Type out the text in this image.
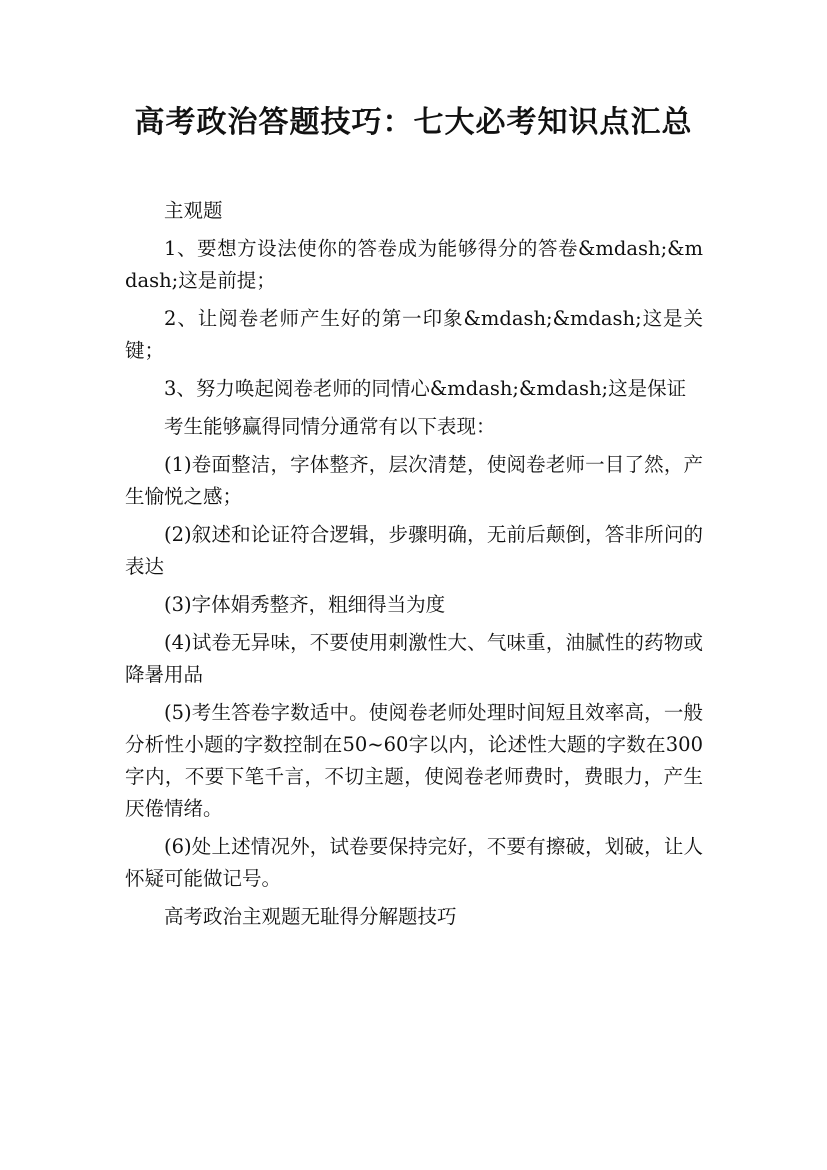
高考政治答题技巧：七大必考知识点汇总

主观题

1、要想方设法使你的答卷成为能够得分的答卷&mdash;&mdash;这是前提；

2、让阅卷老师产生好的第一印象&mdash;&mdash;这是关键；

3、努力唤起阅卷老师的同情心&mdash;&mdash;这是保证

考生能够赢得同情分通常有以下表现：

(1)卷面整洁，字体整齐，层次清楚，使阅卷老师一目了然，产生愉悦之感；

(2)叙述和论证符合逻辑，步骤明确，无前后颠倒，答非所问的表达

(3)字体娟秀整齐，粗细得当为度

(4)试卷无异味，不要使用刺激性大、气味重，油腻性的药物或降暑用品

(5)考生答卷字数适中。使阅卷老师处理时间短且效率高，一般分析性小题的字数控制在50~60字以内，论述性大题的字数在300字内，不要下笔千言，不切主题，使阅卷老师费时，费眼力，产生厌倦情绪。

(6)处上述情况外，试卷要保持完好，不要有擦破，划破，让人怀疑可能做记号。

高考政治主观题无耻得分解题技巧
